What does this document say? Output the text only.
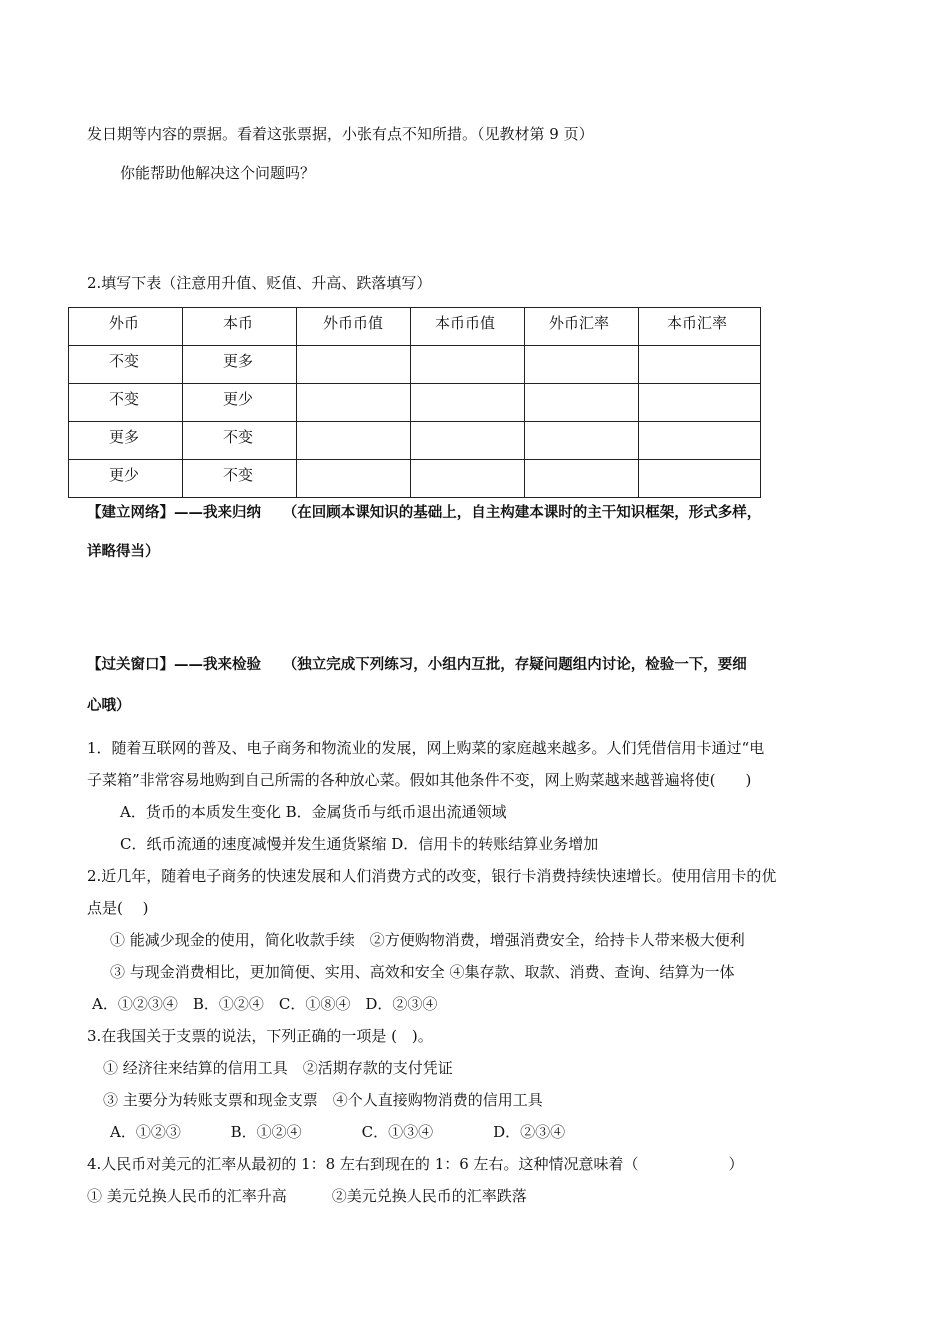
发日期等内容的票据。看着这张票据，小张有点不知所措。（见教材第 9 页）
你能帮助他解决这个问题吗？
2.填写下表（注意用升值、贬值、升高、跌落填写）
外币	本币	外币币值	本币币值	外币汇率	本币汇率

不变	更多				

不变	更少				

更多	不变				

更少	不变				

【建立网络】——我来归纳　　（在回顾本课知识的基础上，自主构建本课时的主干知识框架，形式多样，
详略得当）
【过关窗口】——我来检验　　（独立完成下列练习，小组内互批，存疑问题组内讨论，检验一下，要细
心哦）
1．随着互联网的普及、电子商务和物流业的发展，网上购菜的家庭越来越多。人们凭借信用卡通过“电
子菜箱”非常容易地购到自己所需的各种放心菜。假如其他条件不变，网上购菜越来越普遍将使(　　)
A．货币的本质发生变化 B．金属货币与纸币退出流通领域
C．纸币流通的速度减慢并发生通货紧缩 D．信用卡的转账结算业务增加
2.近几年，随着电子商务的快速发展和人们消费方式的改变，银行卡消费持续快速增长。使用信用卡的优
点是(　 )
① 能减少现金的使用，简化收款手续　②方便购物消费，增强消费安全，给持卡人带来极大便利
③ 与现金消费相比，更加简便、实用、高效和安全 ④集存款、取款、消费、查询、结算为一体
A．①②③④　B．①②④　C．①⑧④　D．②③④
3.在我国关于支票的说法，下列正确的一项是 (　)。
① 经济往来结算的信用工具　②活期存款的支付凭证
③ 主要分为转账支票和现金支票　④个人直接购物消费的信用工具
A．①②③　　　 B．①②④　　　　C．①③④　　　　D．②③④
4.人民币对美元的汇率从最初的 1：8 左右到现在的 1：6 左右。这种情况意味着（　　　　　　）
① 美元兑换人民币的汇率升高　　　②美元兑换人民币的汇率跌落
